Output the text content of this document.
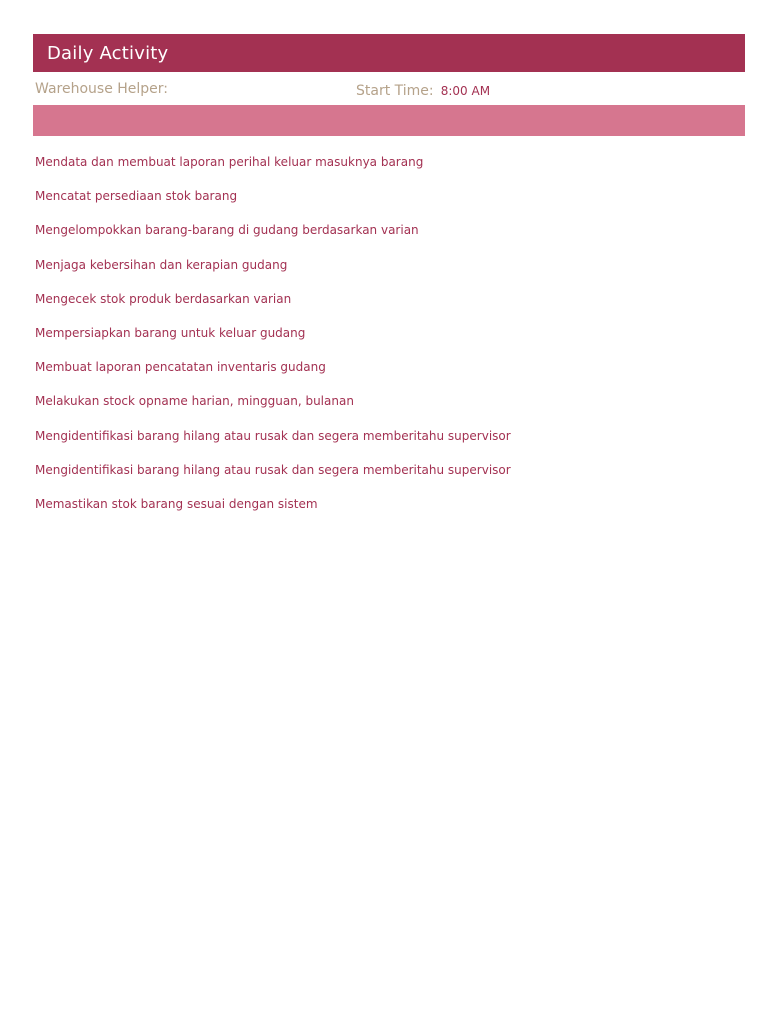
Daily Activity
Warehouse Helper:	Start Time: 8:00 AM
Mendata dan membuat laporan perihal keluar masuknya barang
Mencatat persediaan stok barang
Mengelompokkan barang-barang di gudang berdasarkan varian
Menjaga kebersihan dan kerapian gudang
Mengecek stok produk berdasarkan varian
Mempersiapkan barang untuk keluar gudang
Membuat laporan pencatatan inventaris gudang
Melakukan stock opname harian, mingguan, bulanan
Mengidentifikasi barang hilang atau rusak dan segera memberitahu supervisor
Mengidentifikasi barang hilang atau rusak dan segera memberitahu supervisor
Memastikan stok barang sesuai dengan sistem
